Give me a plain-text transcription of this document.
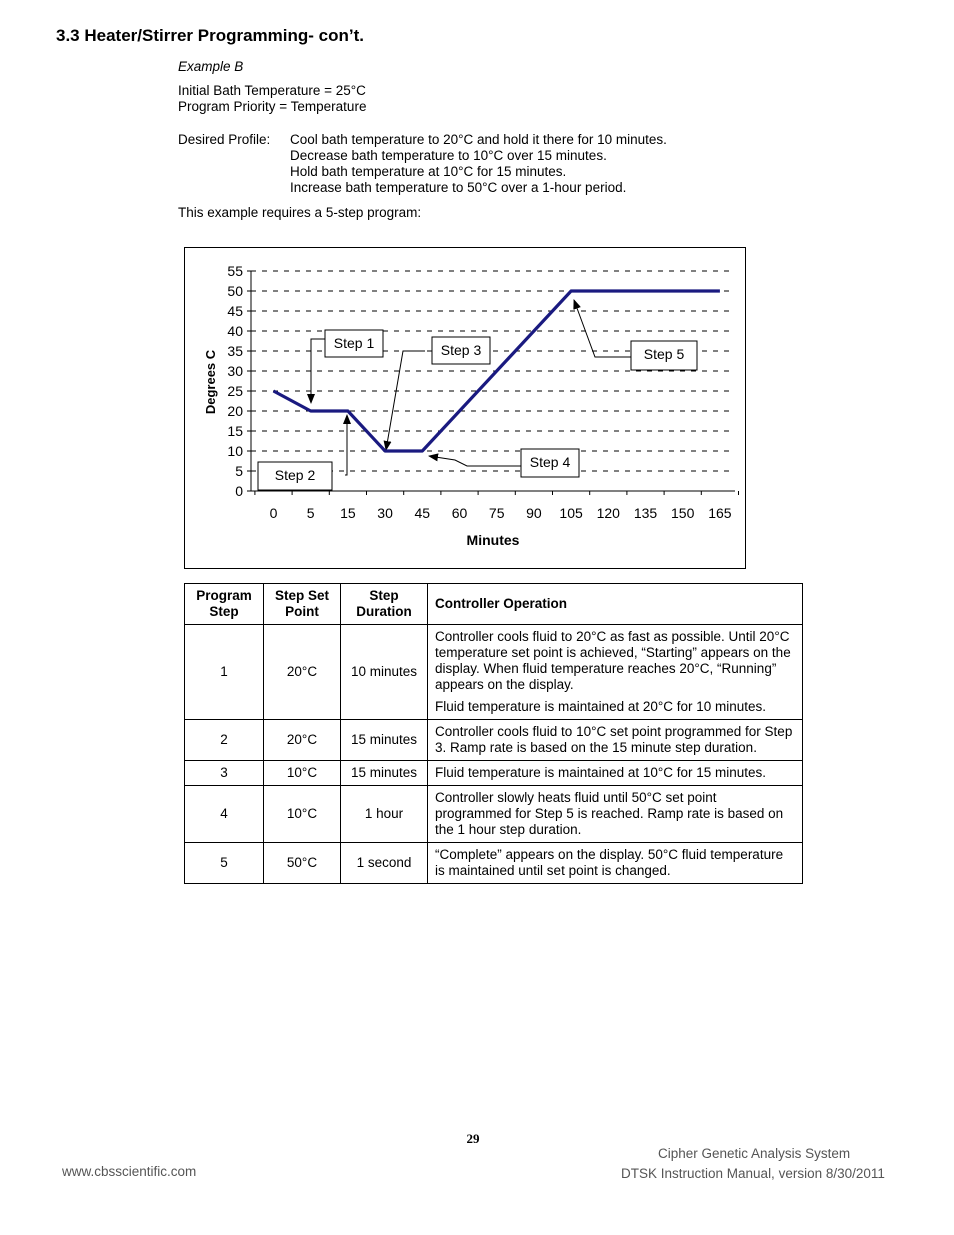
3.3 Heater/Stirrer Programming- con’t.
Example B
Initial Bath Temperature = 25°C
Program Priority = Temperature
Desired Profile: Cool bath temperature to 20°C and hold it there for 10 minutes.
Decrease bath temperature to 10°C over 15 minutes.
Hold bath temperature at 10°C for 15 minutes.
Increase bath temperature to 50°C over a 1-hour period.
This example requires a 5-step program:
0
5
10
15
20
25
30
35
40
45
50
55
0 5 15 30 45 60 75 90 105 120 135 150 165
Minutes
Degrees C
Step 1
Step 2
Step 3
Step 4
Step 5
Program Step	Step Set Point	Step Duration	Controller Operation
1	20°C	10 minutes	Controller cools fluid to 20°C as fast as possible. Until 20°C temperature set point is achieved, “Starting” appears on the display. When fluid temperature reaches 20°C, “Running” appears on the display.

Fluid temperature is maintained at 20°C for 10 minutes.

2	20°C	15 minutes	Controller cools fluid to 10°C set point programmed for Step 3. Ramp rate is based on the 15 minute step duration.

3	10°C	15 minutes	Fluid temperature is maintained at 10°C for 15 minutes.

4	10°C	1 hour	Controller slowly heats fluid until 50°C set point programmed for Step 5 is reached. Ramp rate is based on the 1 hour step duration.

5	50°C	1 second	“Complete” appears on the display. 50°C fluid temperature is maintained until set point is changed.

29
www.cbsscientific.com
Cipher Genetic Analysis System
DTSK Instruction Manual, version 8/30/2011
